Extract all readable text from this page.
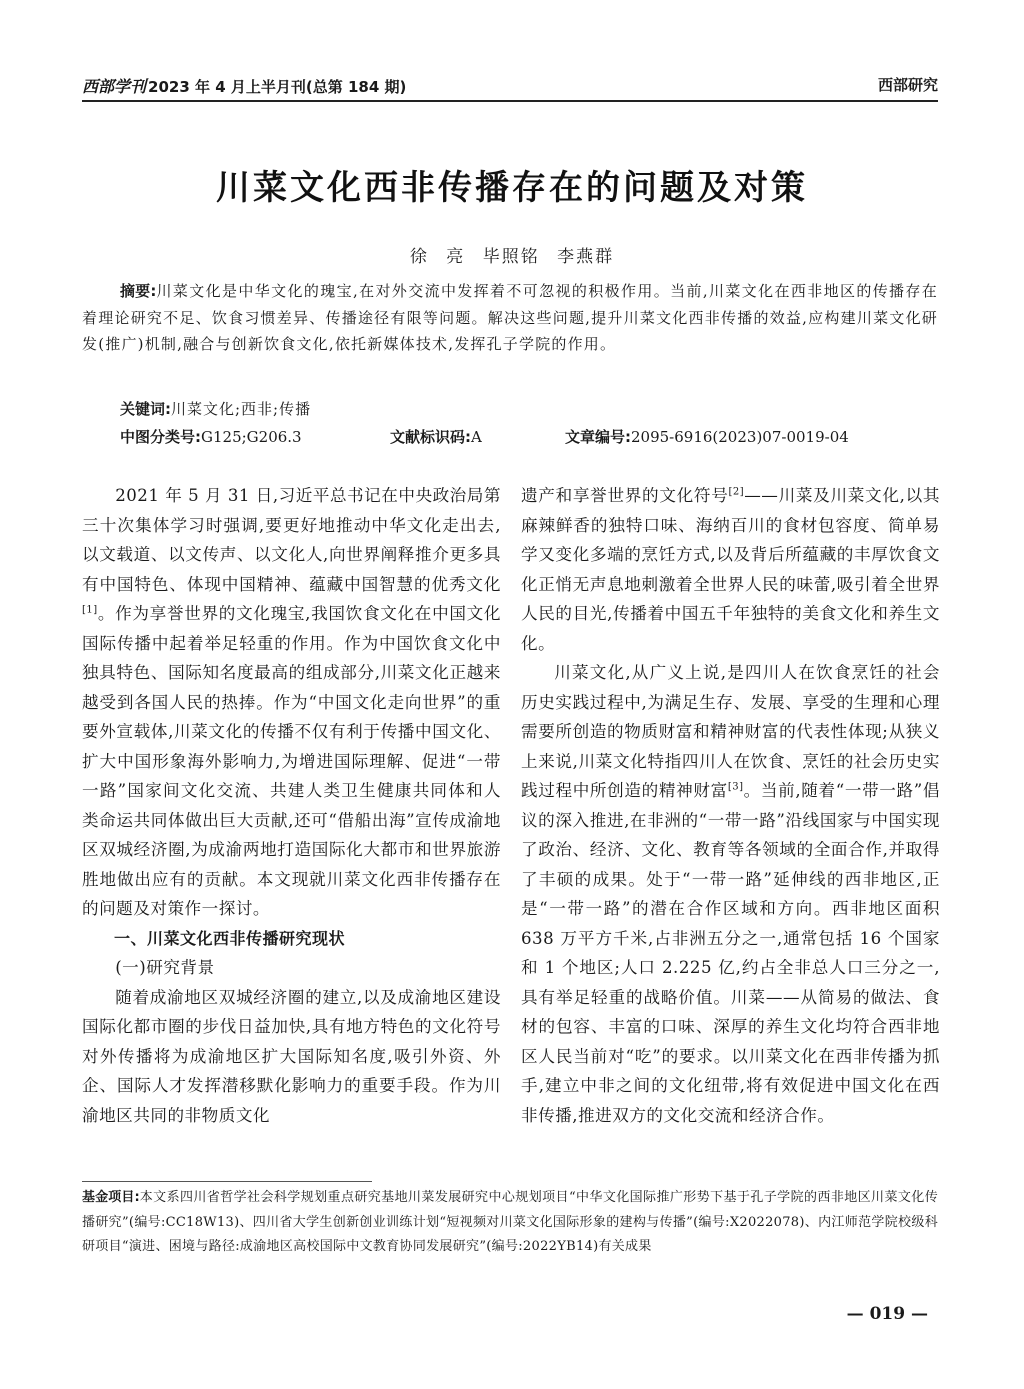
西部学刊 2023 年 4 月上半月刊(总第 184 期)	西部研究
川菜文化西非传播存在的问题及对策
徐 亮 毕照铭 李燕群
摘要:川菜文化是中华文化的瑰宝,在对外交流中发挥着不可忽视的积极作用。当前,川菜文化在西非地区的传播存在着理论研究不足、饮食习惯差异、传播途径有限等问题。解决这些问题,提升川菜文化西非传播的效益,应构建川菜文化研发(推广)机制,融合与创新饮食文化,依托新媒体技术,发挥孔子学院的作用。
关键词:川菜文化;西非;传播
中图分类号:G125;G206.3	文献标识码:A	文章编号:2095-6916(2023)07-0019-04

2021 年 5 月 31 日,习近平总书记在中央政治局第三十次集体学习时强调,要更好地推动中华文化走出去,以文载道、以文传声、以文化人,向世界阐释推介更多具有中国特色、体现中国精神、蕴藏中国智慧的优秀文化[1]。作为享誉世界的文化瑰宝,我国饮食文化在中国文化国际传播中起着举足轻重的作用。作为中国饮食文化中独具特色、国际知名度最高的组成部分,川菜文化正越来越受到各国人民的热捧。作为“中国文化走向世界”的重要外宣载体,川菜文化的传播不仅有利于传播中国文化、扩大中国形象海外影响力,为增进国际理解、促进“一带一路”国家间文化交流、共建人类卫生健康共同体和人类命运共同体做出巨大贡献,还可“借船出海”宣传成渝地区双城经济圈,为成渝两地打造国际化大都市和世界旅游胜地做出应有的贡献。本文现就川菜文化西非传播存在的问题及对策作一探讨。

一、川菜文化西非传播研究现状

(一)研究背景

随着成渝地区双城经济圈的建立,以及成渝地区建设国际化都市圈的步伐日益加快,具有地方特色的文化符号对外传播将为成渝地区扩大国际知名度,吸引外资、外企、国际人才发挥潜移默化影响力的重要手段。作为川渝地区共同的非物质文化

遗产和享誉世界的文化符号[2]——川菜及川菜文化,以其麻辣鲜香的独特口味、海纳百川的食材包容度、简单易学又变化多端的烹饪方式,以及背后所蕴藏的丰厚饮食文化正悄无声息地刺激着全世界人民的味蕾,吸引着全世界人民的目光,传播着中国五千年独特的美食文化和养生文化。

川菜文化,从广义上说,是四川人在饮食烹饪的社会历史实践过程中,为满足生存、发展、享受的生理和心理需要所创造的物质财富和精神财富的代表性体现;从狭义上来说,川菜文化特指四川人在饮食、烹饪的社会历史实践过程中所创造的精神财富[3]。当前,随着“一带一路”倡议的深入推进,在非洲的“一带一路”沿线国家与中国实现了政治、经济、文化、教育等各领域的全面合作,并取得了丰硕的成果。处于“一带一路”延伸线的西非地区,正是“一带一路”的潜在合作区域和方向。西非地区面积 638 万平方千米,占非洲五分之一,通常包括 16 个国家和 1 个地区;人口 2.225 亿,约占全非总人口三分之一,具有举足轻重的战略价值。川菜——从简易的做法、食材的包容、丰富的口味、深厚的养生文化均符合西非地区人民当前对“吃”的要求。以川菜文化在西非传播为抓手,建立中非之间的文化纽带,将有效促进中国文化在西非传播,推进双方的文化交流和经济合作。

基金项目:本文系四川省哲学社会科学规划重点研究基地川菜发展研究中心规划项目“中华文化国际推广形势下基于孔子学院的西非地区川菜文化传播研究”(编号:CC18W13)、四川省大学生创新创业训练计划“短视频对川菜文化国际形象的建构与传播”(编号:X2022078)、内江师范学院校级科研项目“演进、困境与路径:成渝地区高校国际中文教育协同发展研究”(编号:2022YB14)有关成果
— 019 —
